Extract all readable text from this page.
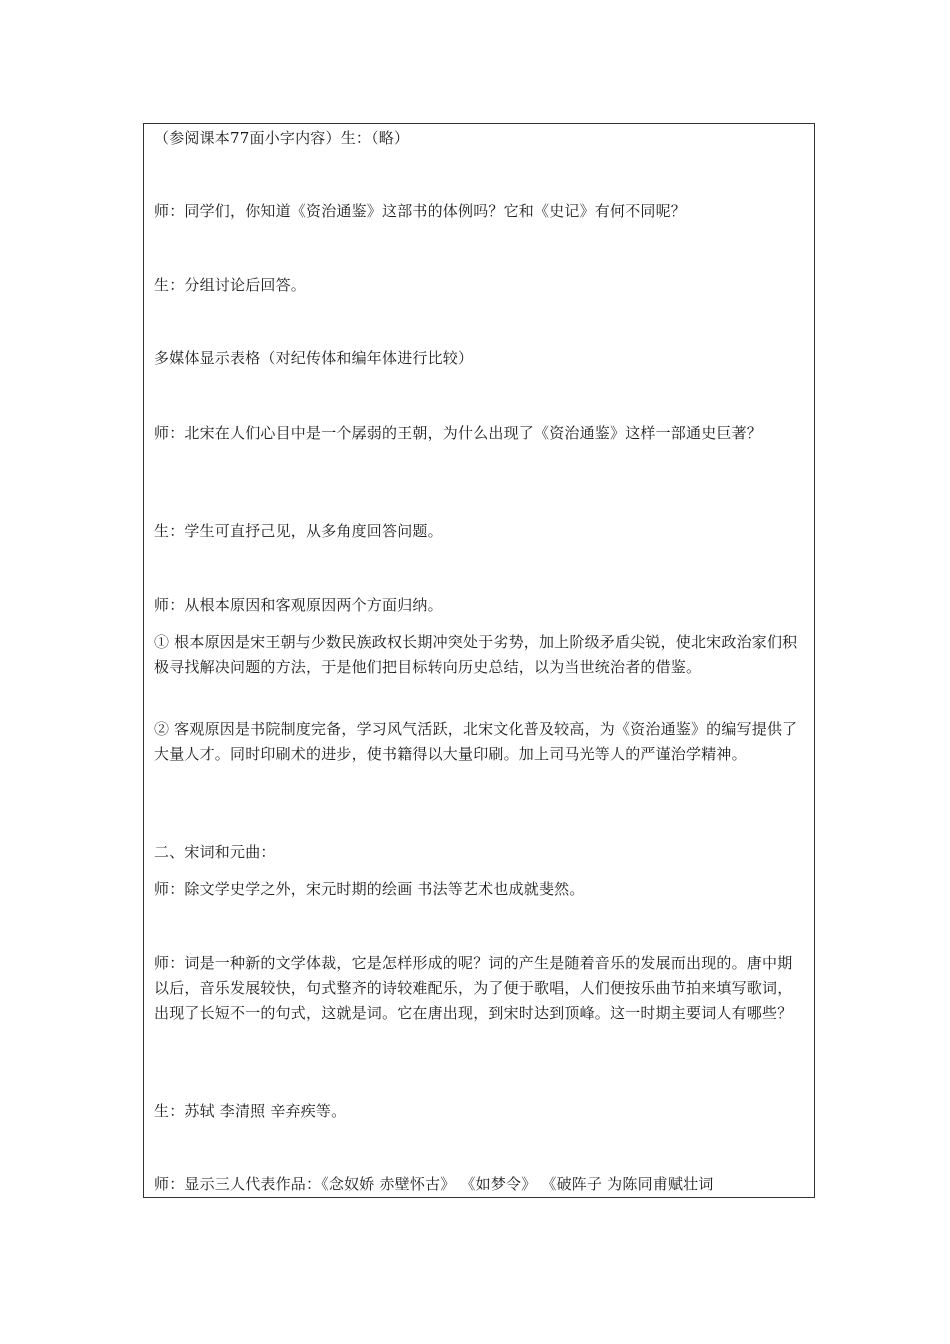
（参阅课本77面小字内容）生：（略）

师：同学们，你知道《资治通鉴》这部书的体例吗？它和《史记》有何不同呢？

生：分组讨论后回答。

多媒体显示表格（对纪传体和编年体进行比较）

师：北宋在人们心目中是一个孱弱的王朝，为什么出现了《资治通鉴》这样一部通史巨著？

生：学生可直抒己见，从多角度回答问题。

师：从根本原因和客观原因两个方面归纳。

① 根本原因是宋王朝与少数民族政权长期冲突处于劣势，加上阶级矛盾尖锐，使北宋政治家们积极寻找解决问题的方法，于是他们把目标转向历史总结，以为当世统治者的借鉴。

② 客观原因是书院制度完备，学习风气活跃，北宋文化普及较高，为《资治通鉴》的编写提供了大量人才。同时印刷术的进步，使书籍得以大量印刷。加上司马光等人的严谨治学精神。

二、宋词和元曲：

师：除文学史学之外，宋元时期的绘画 书法等艺术也成就斐然。

师：词是一种新的文学体裁，它是怎样形成的呢？词的产生是随着音乐的发展而出现的。唐中期以后，音乐发展较快，句式整齐的诗较难配乐，为了便于歌唱，人们便按乐曲节拍来填写歌词，出现了长短不一的句式，这就是词。它在唐出现，到宋时达到顶峰。这一时期主要词人有哪些？

生：苏轼 李清照 辛弃疾等。

师：显示三人代表作品：《念奴娇 赤壁怀古》 《如梦令》 《破阵子 为陈同甫赋壮词
